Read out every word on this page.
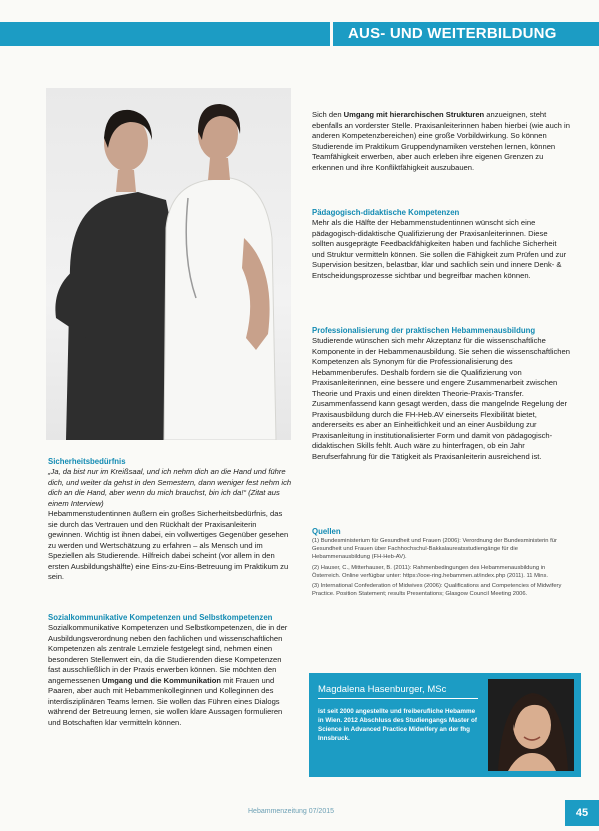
AUS- UND WEITERBILDUNG

Sicherheitsbedürfnis

„Ja, da bist nur im Kreißsaal, und ich nehm dich an die Hand und führe dich, und weiter da gehst in den Semestern, dann weniger fest nehm ich dich an die Hand, aber wenn du mich brauchst, bin ich da!“ (Zitat aus einem Interview)

Hebammenstudentinnen äußern ein großes Sicherheitsbedürfnis, das sie durch das Vertrauen und den Rückhalt der Praxisanleiterin gewinnen. Wichtig ist ihnen dabei, ein vollwertiges Gegenüber gesehen zu werden und Wertschätzung zu erfahren – als Mensch und im Speziellen als Studierende. Hilfreich dabei scheint (vor allem in den ersten Ausbildungshälfte) eine Eins-zu-Eins-Betreuung im Praktikum zu sein.

Sozialkommunikative Kompetenzen und Selbstkompetenzen

Sozialkommunikative Kompetenzen und Selbstkompetenzen, die in der Ausbildungsverordnung neben den fachlichen und wissenschaftlichen Kompetenzen als zentrale Lernziele festgelegt sind, nehmen einen besonderen Stellenwert ein, da die Studierenden diese Kompetenzen fast ausschließlich in der Praxis erwerben können. Sie möchten den angemessenen Umgang und die Kommunikation mit Frauen und Paaren, aber auch mit Hebammenkolleginnen und Kolleginnen des interdisziplinären Teams lernen. Sie wollen das Führen eines Dialogs während der Betreuung lernen, sie wollen klare Aussagen formulieren und Botschaften klar vermitteln können.

Sich den Umgang mit hierarchischen Strukturen anzueignen, steht ebenfalls an vorderster Stelle. Praxisanleiterinnen haben hierbei (wie auch in anderen Kompetenzbereichen) eine große Vorbildwirkung. So können Studierende im Praktikum Gruppendynamiken verstehen lernen, können Teamfähigkeit erwerben, aber auch erleben ihre eigenen Grenzen zu erkennen und ihre Konfliktfähigkeit auszubauen.

Pädagogisch-didaktische Kompetenzen

Mehr als die Hälfte der Hebammenstudentinnen wünscht sich eine pädagogisch-didaktische Qualifizierung der Praxisanleiterinnen. Diese sollten ausgeprägte Feedbackfähigkeiten haben und fachliche Sicherheit und Struktur vermitteln können. Sie sollen die Fähigkeit zum Prüfen und zur Supervision besitzen, belastbar, klar und sachlich sein und innere Denk- & Entscheidungsprozesse sichtbar und begreifbar machen können.

Professionalisierung der praktischen Hebammenausbildung

Studierende wünschen sich mehr Akzeptanz für die wissenschaftliche Komponente in der Hebammenausbildung. Sie sehen die wissenschaftlichen Kompetenzen als Synonym für die Professionalisierung des Hebammenberufes. Deshalb fordern sie die Qualifizierung von Praxisanleiterinnen, eine bessere und engere Zusammenarbeit zwischen Theorie und Praxis und einen direkten Theorie-Praxis-Transfer. Zusammenfassend kann gesagt werden, dass die mangelnde Regelung der Praxisausbildung durch die FH-Heb.AV einerseits Flexibilität bietet, andererseits es aber an Einheitlichkeit und an einer Ausbildung zur Praxisanleitung in institutionalisierter Form und damit von pädagogisch-didaktischen Skills fehlt. Auch wäre zu hinterfragen, ob ein Jahr Berufserfahrung für die Tätigkeit als Praxisanleiterin ausreichend ist.

Quellen

(1) Bundesministerium für Gesundheit und Frauen (2006): Verordnung der Bundesministerin für Gesundheit und Frauen über Fachhochschul-Bakkalaureatsstudiengänge für die Hebammenausbildung (FH-Heb-AV).

(2) Hauser, C., Mitterhauser, B. (2011): Rahmenbedingungen des Hebammenausbildung in Österreich. Online verfügbar unter: https://ooe-ring.hebammen.at/index.php (2011). 11 Mins.

(3) International Confederation of Midwives (2006): Qualifications and Competencies of Midwifery Practice. Position Statement; results Presentations; Glasgow Council Meeting 2006.

Magdalena Hasenburger, MSc
ist seit 2000 angestellte und freiberufliche Hebamme in Wien. 2012 Abschluss des Studiengangs Master of Science in Advanced Practice Midwifery an der fhg Innsbruck.
Hebammenzeitung 07/2015	45
